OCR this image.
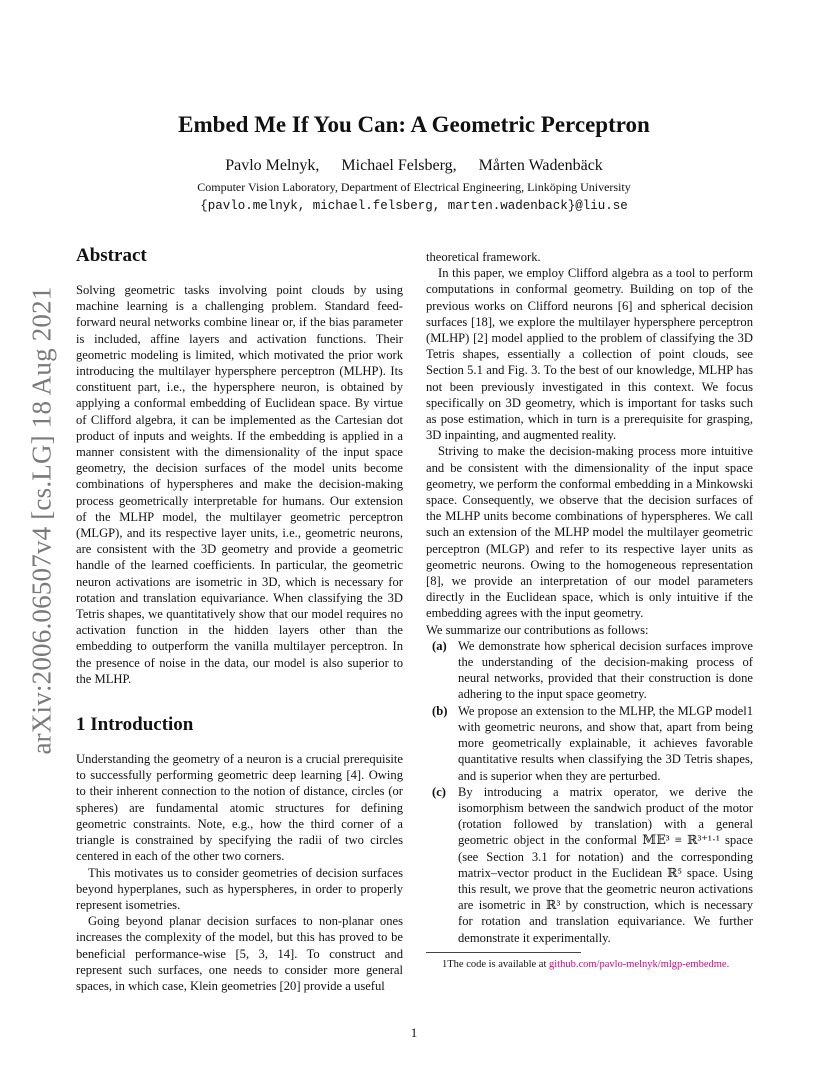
arXiv:2006.06507v4 [cs.LG] 18 Aug 2021
Embed Me If You Can: A Geometric Perceptron
Pavlo Melnyk, Michael Felsberg, Mårten Wadenbäck
Computer Vision Laboratory, Department of Electrical Engineering, Linköping University
{pavlo.melnyk, michael.felsberg, marten.wadenback}@liu.se
Abstract

Solving geometric tasks involving point clouds by using machine learning is a challenging problem. Standard feed-forward neural networks combine linear or, if the bias parameter is included, affine layers and activation functions. Their geometric modeling is limited, which motivated the prior work introducing the multilayer hypersphere perceptron (MLHP). Its constituent part, i.e., the hypersphere neuron, is obtained by applying a conformal embedding of Euclidean space. By virtue of Clifford algebra, it can be implemented as the Cartesian dot product of inputs and weights. If the embedding is applied in a manner consistent with the dimensionality of the input space geometry, the decision surfaces of the model units become combinations of hyperspheres and make the decision-making process geometrically interpretable for humans. Our extension of the MLHP model, the multilayer geometric perceptron (MLGP), and its respective layer units, i.e., geometric neurons, are consistent with the 3D geometry and provide a geometric handle of the learned coefficients. In particular, the geometric neuron activations are isometric in 3D, which is necessary for rotation and translation equivariance. When classifying the 3D Tetris shapes, we quantitatively show that our model requires no activation function in the hidden layers other than the embedding to outperform the vanilla multilayer perceptron. In the presence of noise in the data, our model is also superior to the MLHP.

1 Introduction

Understanding the geometry of a neuron is a crucial prerequisite to successfully performing geometric deep learning [4]. Owing to their inherent connection to the notion of distance, circles (or spheres) are fundamental atomic structures for defining geometric constraints. Note, e.g., how the third corner of a triangle is constrained by specifying the radii of two circles centered in each of the other two corners.

This motivates us to consider geometries of decision surfaces beyond hyperplanes, such as hyperspheres, in order to properly represent isometries.

Going beyond planar decision surfaces to non-planar ones increases the complexity of the model, but this has proved to be beneficial performance-wise [5, 3, 14]. To construct and represent such surfaces, one needs to consider more general spaces, in which case, Klein geometries [20] provide a useful

theoretical framework.

In this paper, we employ Clifford algebra as a tool to perform computations in conformal geometry. Building on top of the previous works on Clifford neurons [6] and spherical decision surfaces [18], we explore the multilayer hypersphere perceptron (MLHP) [2] model applied to the problem of classifying the 3D Tetris shapes, essentially a collection of point clouds, see Section 5.1 and Fig. 3. To the best of our knowledge, MLHP has not been previously investigated in this context. We focus specifically on 3D geometry, which is important for tasks such as pose estimation, which in turn is a prerequisite for grasping, 3D inpainting, and augmented reality.

Striving to make the decision-making process more intuitive and be consistent with the dimensionality of the input space geometry, we perform the conformal embedding in a Minkowski space. Consequently, we observe that the decision surfaces of the MLHP units become combinations of hyperspheres. We call such an extension of the MLHP model the multilayer geometric perceptron (MLGP) and refer to its respective layer units as geometric neurons. Owing to the homogeneous representation [8], we provide an interpretation of our model parameters directly in the Euclidean space, which is only intuitive if the embedding agrees with the input geometry.

We summarize our contributions as follows:

(a) We demonstrate how spherical decision surfaces improve the understanding of the decision-making process of neural networks, provided that their construction is done adhering to the input space geometry.
(b) We propose an extension to the MLHP, the MLGP model1 with geometric neurons, and show that, apart from being more geometrically explainable, it achieves favorable quantitative results when classifying the 3D Tetris shapes, and is superior when they are perturbed.
(c) By introducing a matrix operator, we derive the isomorphism between the sandwich product of the motor (rotation followed by translation) with a general geometric object in the conformal 𝕄𝔼³ ≡ ℝ³⁺¹·¹ space (see Section 3.1 for notation) and the corresponding matrix–vector product in the Euclidean ℝ⁵ space. Using this result, we prove that the geometric neuron activations are isometric in ℝ³ by construction, which is necessary for rotation and translation equivariance. We further demonstrate it experimentally.
1The code is available at github.com/pavlo-melnyk/mlgp-embedme.
1
